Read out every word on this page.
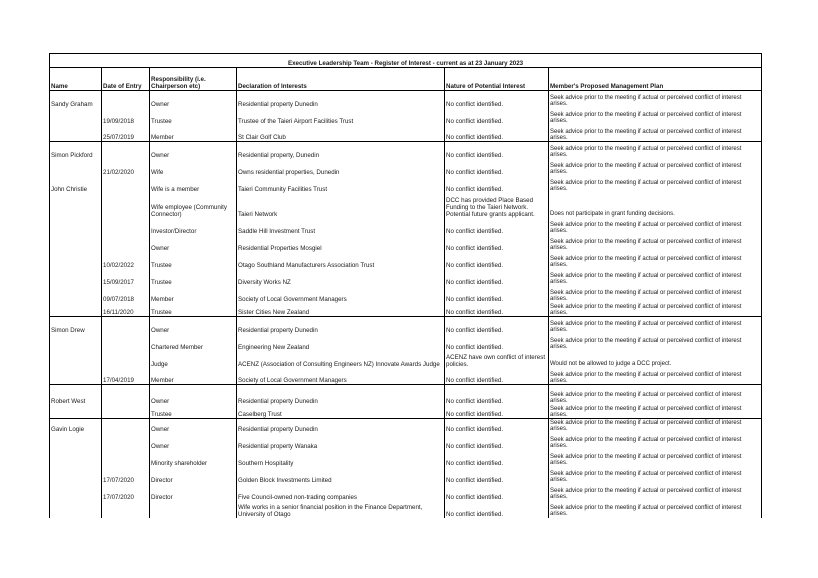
Executive Leadership Team - Register of Interest - current as at 23 January 2023					
Name	Date of Entry	Responsibility (i.e. Chairperson etc)	Declaration of Interests	Nature of Potential Interest	Member's Proposed Management Plan
Sandy Graham		Owner	Residential property Dunedin	No conflict identified.	Seek advice prior to the meeting if actual or perceived conflict of interest arises.
	19/09/2018	Trustee	Trustee of the Taieri Airport Facilities Trust	No conflict identified.	Seek advice prior to the meeting if actual or perceived conflict of interest arises.
	25/07/2019	Member	St Clair Golf Club	No conflict identified.	Seek advice prior to the meeting if actual or perceived conflict of interest arises.
Simon Pickford		Owner	Residential property, Dunedin	No conflict identified.	Seek advice prior to the meeting if actual or perceived conflict of interest arises.
	21/02/2020	Wife	Owns residential properties, Dunedin	No conflict identified.	Seek advice prior to the meeting if actual or perceived conflict of interest arises.
John Christie		Wife is a member	Taieri Community Facilities Trust	No conflict identified.	Seek advice prior to the meeting if actual or perceived conflict of interest arises.
		Wife employee (Community Connector)	Taieri Network	DCC has provided Place Based Funding to the Taieri Network. Potential future grants applicant.	Does not participate in grant funding decisions.
		Investor/Director	Saddle Hill Investment Trust	No conflict identified.	Seek advice prior to the meeting if actual or perceived conflict of interest arises.
		Owner	Residential Properties Mosgiel	No conflict identified.	Seek advice prior to the meeting if actual or perceived conflict of interest arises.
	10/02/2022	Trustee	Otago Southland Manufacturers Association Trust	No conflict identified.	Seek advice prior to the meeting if actual or perceived conflict of interest arises.
	15/09/2017	Trustee	Diversity Works NZ	No conflict identified.	Seek advice prior to the meeting if actual or perceived conflict of interest arises.
	09/07/2018	Member	Society of Local Government Managers	No conflict identified.	Seek advice prior to the meeting if actual or perceived conflict of interest arises.
	16/11/2020	Trustee	Sister Cities New Zealand	No conflict identified.	Seek advice prior to the meeting if actual or perceived conflict of interest arises.
Simon Drew		Owner	Residential property Dunedin	No conflict identified.	Seek advice prior to the meeting if actual or perceived conflict of interest arises.
		Chartered Member	Engineering New Zealand	No conflict identified.	Seek advice prior to the meeting if actual or perceived conflict of interest arises.
		Judge	ACENZ (Association of Consulting Engineers NZ) Innovate Awards Judge	ACENZ have own conflict of interest policies.	Would not be allowed to judge a DCC project.
	17/04/2019	Member	Society of Local Government Managers	No conflict identified.	Seek advice prior to the meeting if actual or perceived conflict of interest arises.
Robert West		Owner	Residential property Dunedin	No conflict identified.	Seek advice prior to the meeting if actual or perceived conflict of interest arises.
		Trustee	Caselberg Trust	No conflict identified.	Seek advice prior to the meeting if actual or perceived conflict of interest arises.
Gavin Logie		Owner	Residential property Dunedin	No conflict identified.	Seek advice prior to the meeting if actual or perceived conflict of interest arises.
		Owner	Residential property Wanaka	No conflict identified.	Seek advice prior to the meeting if actual or perceived conflict of interest arises.
		Minority shareholder	Southern Hospitality	No conflict identified.	Seek advice prior to the meeting if actual or perceived conflict of interest arises.
	17/07/2020	Director	Golden Block Investments Limited	No conflict identified.	Seek advice prior to the meeting if actual or perceived conflict of interest arises.
	17/07/2020	Director	Five Council-owned non-trading companies	No conflict identified.	Seek advice prior to the meeting if actual or perceived conflict of interest arises.
			Wife works in a senior financial position in the Finance Department, University of Otago	No conflict identified.	Seek advice prior to the meeting if actual or perceived conflict of interest arises.
